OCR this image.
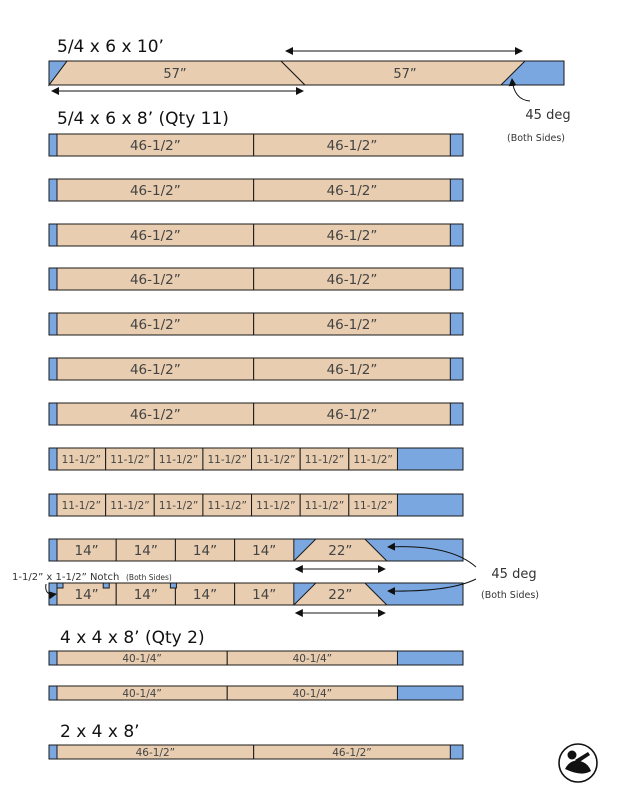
5/4 x 6 x 10’
5/4 x 6 x 8’ (Qty 11)
4 x 4 x 8’ (Qty 2)
2 x 4 x 8’
57”	57”
46-1/2”	46-1/2”
46-1/2”	46-1/2”
46-1/2”	46-1/2”
46-1/2”	46-1/2”
46-1/2”	46-1/2”
46-1/2”	46-1/2”
46-1/2”	46-1/2”
11-1/2” 11-1/2” 11-1/2” 11-1/2” 11-1/2” 11-1/2” 11-1/2”
11-1/2” 11-1/2” 11-1/2” 11-1/2” 11-1/2” 11-1/2” 11-1/2”
14”	14”	14”	14”	22”
14”	14”	14”	14”	22”
40-1/4”	40-1/4”
40-1/4”	40-1/4”
46-1/2”	46-1/2”
45 deg
(Both Sides)
45 deg
(Both Sides)
1-1/2” x 1-1/2” Notch (Both Sides)
